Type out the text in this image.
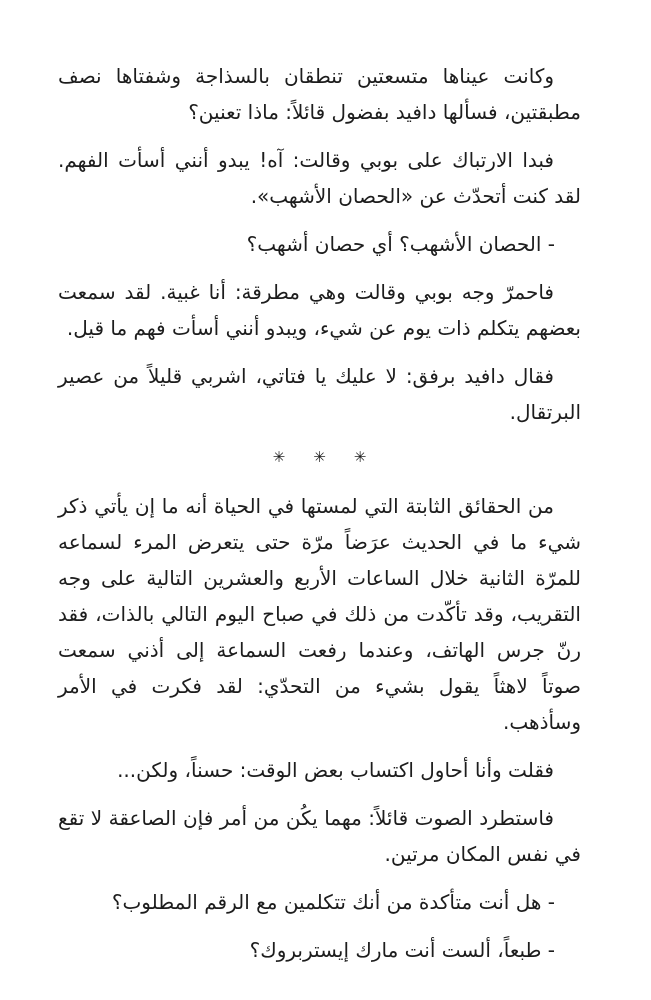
وكانت عيناها متسعتين تنطقان بالسذاجة وشفتاها نصف مطبقتين، فسألها دافيد بفضول قائلاً: ماذا تعنين؟

فبدا الارتباك على بوبي وقالت: آه! يبدو أنني أسأت الفهم. لقد كنت أتحدّث عن «الحصان الأشهب».

- الحصان الأشهب؟ أي حصان أشهب؟

فاحمرّ وجه بوبي وقالت وهي مطرقة: أنا غبية. لقد سمعت بعضهم يتكلم ذات يوم عن شيء، ويبدو أنني أسأت فهم ما قيل.

فقال دافيد برفق: لا عليك يا فتاتي، اشربي قليلاً من عصير البرتقال.

✳✳✳

من الحقائق الثابتة التي لمستها في الحياة أنه ما إن يأتي ذكر شيء ما في الحديث عرَضاً مرّة حتى يتعرض المرء لسماعه للمرّة الثانية خلال الساعات الأربع والعشرين التالية على وجه التقريب، وقد تأكّدت من ذلك في صباح اليوم التالي بالذات، فقد رنّ جرس الهاتف، وعندما رفعت السماعة إلى أذني سمعت صوتاً لاهثاً يقول بشيء من التحدّي: لقد فكرت في الأمر وسأذهب.

فقلت وأنا أحاول اكتساب بعض الوقت: حسناً، ولكن...

فاستطرد الصوت قائلاً: مهما يكُن من أمر فإن الصاعقة لا تقع في نفس المكان مرتين.

- هل أنت متأكدة من أنك تتكلمين مع الرقم المطلوب؟

- طبعاً، ألست أنت مارك إيستربروك؟
